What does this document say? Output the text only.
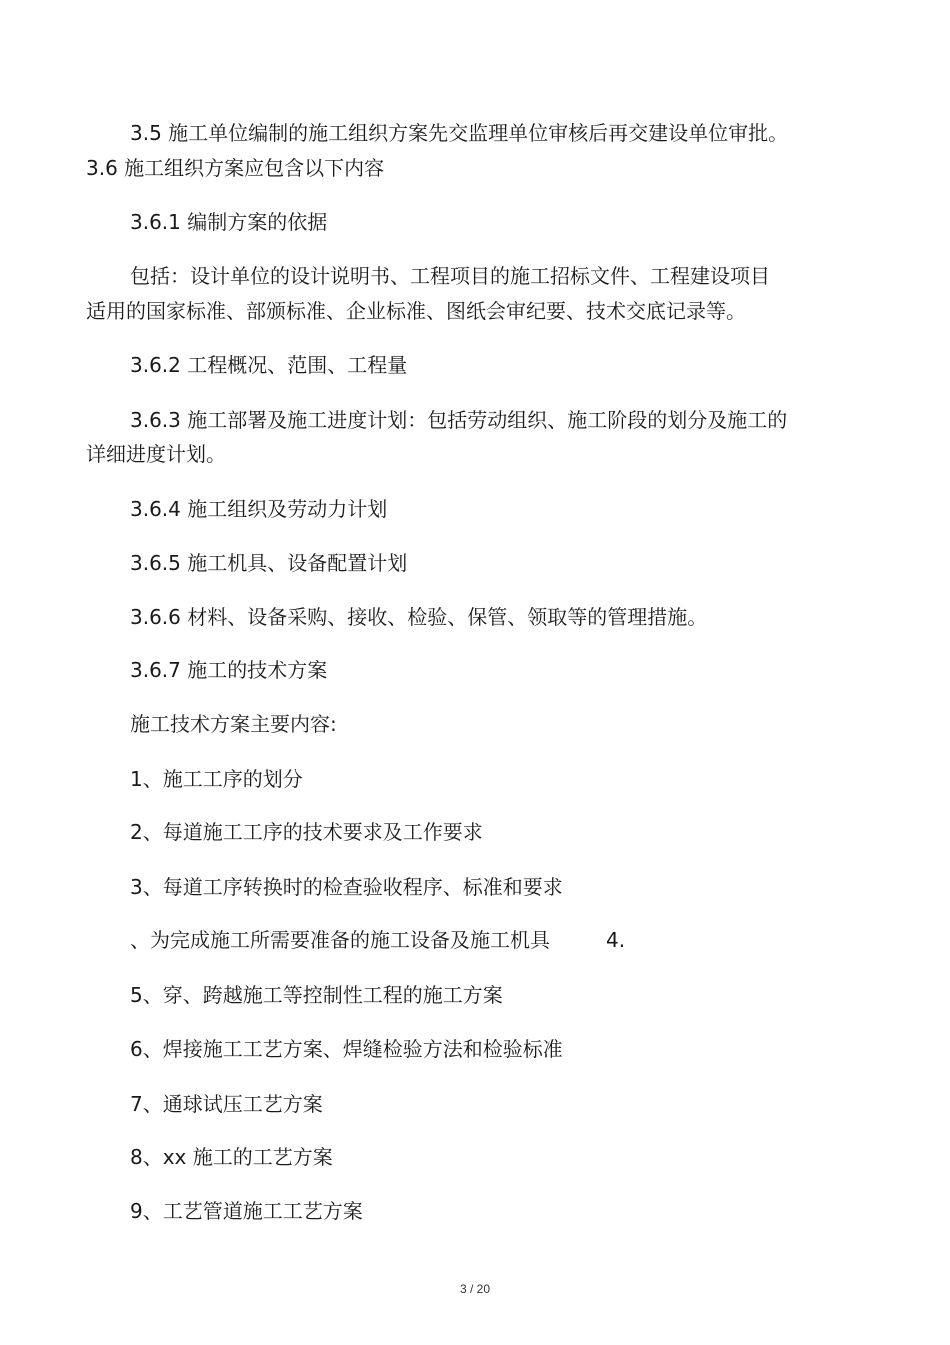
3.5 施工单位编制的施工组织方案先交监理单位审核后再交建设单位审批。
3.6 施工组织方案应包含以下内容
3.6.1 编制方案的依据
包括：设计单位的设计说明书、工程项目的施工招标文件、工程建设项目
适用的国家标准、部颁标准、企业标准、图纸会审纪要、技术交底记录等。
3.6.2 工程概况、范围、工程量
3.6.3 施工部署及施工进度计划：包括劳动组织、施工阶段的划分及施工的
详细进度计划。
3.6.4 施工组织及劳动力计划
3.6.5 施工机具、设备配置计划
3.6.6 材料、设备采购、接收、检验、保管、领取等的管理措施。
3.6.7 施工的技术方案
施工技术方案主要内容:
1、施工工序的划分
2、每道施工工序的技术要求及工作要求
3、每道工序转换时的检查验收程序、标准和要求
、为完成施工所需要准备的施工设备及施工机具	4.
5、穿、跨越施工等控制性工程的施工方案
6、焊接施工工艺方案、焊缝检验方法和检验标准
7、通球试压工艺方案
8、xx 施工的工艺方案
9、工艺管道施工工艺方案
3 / 20
